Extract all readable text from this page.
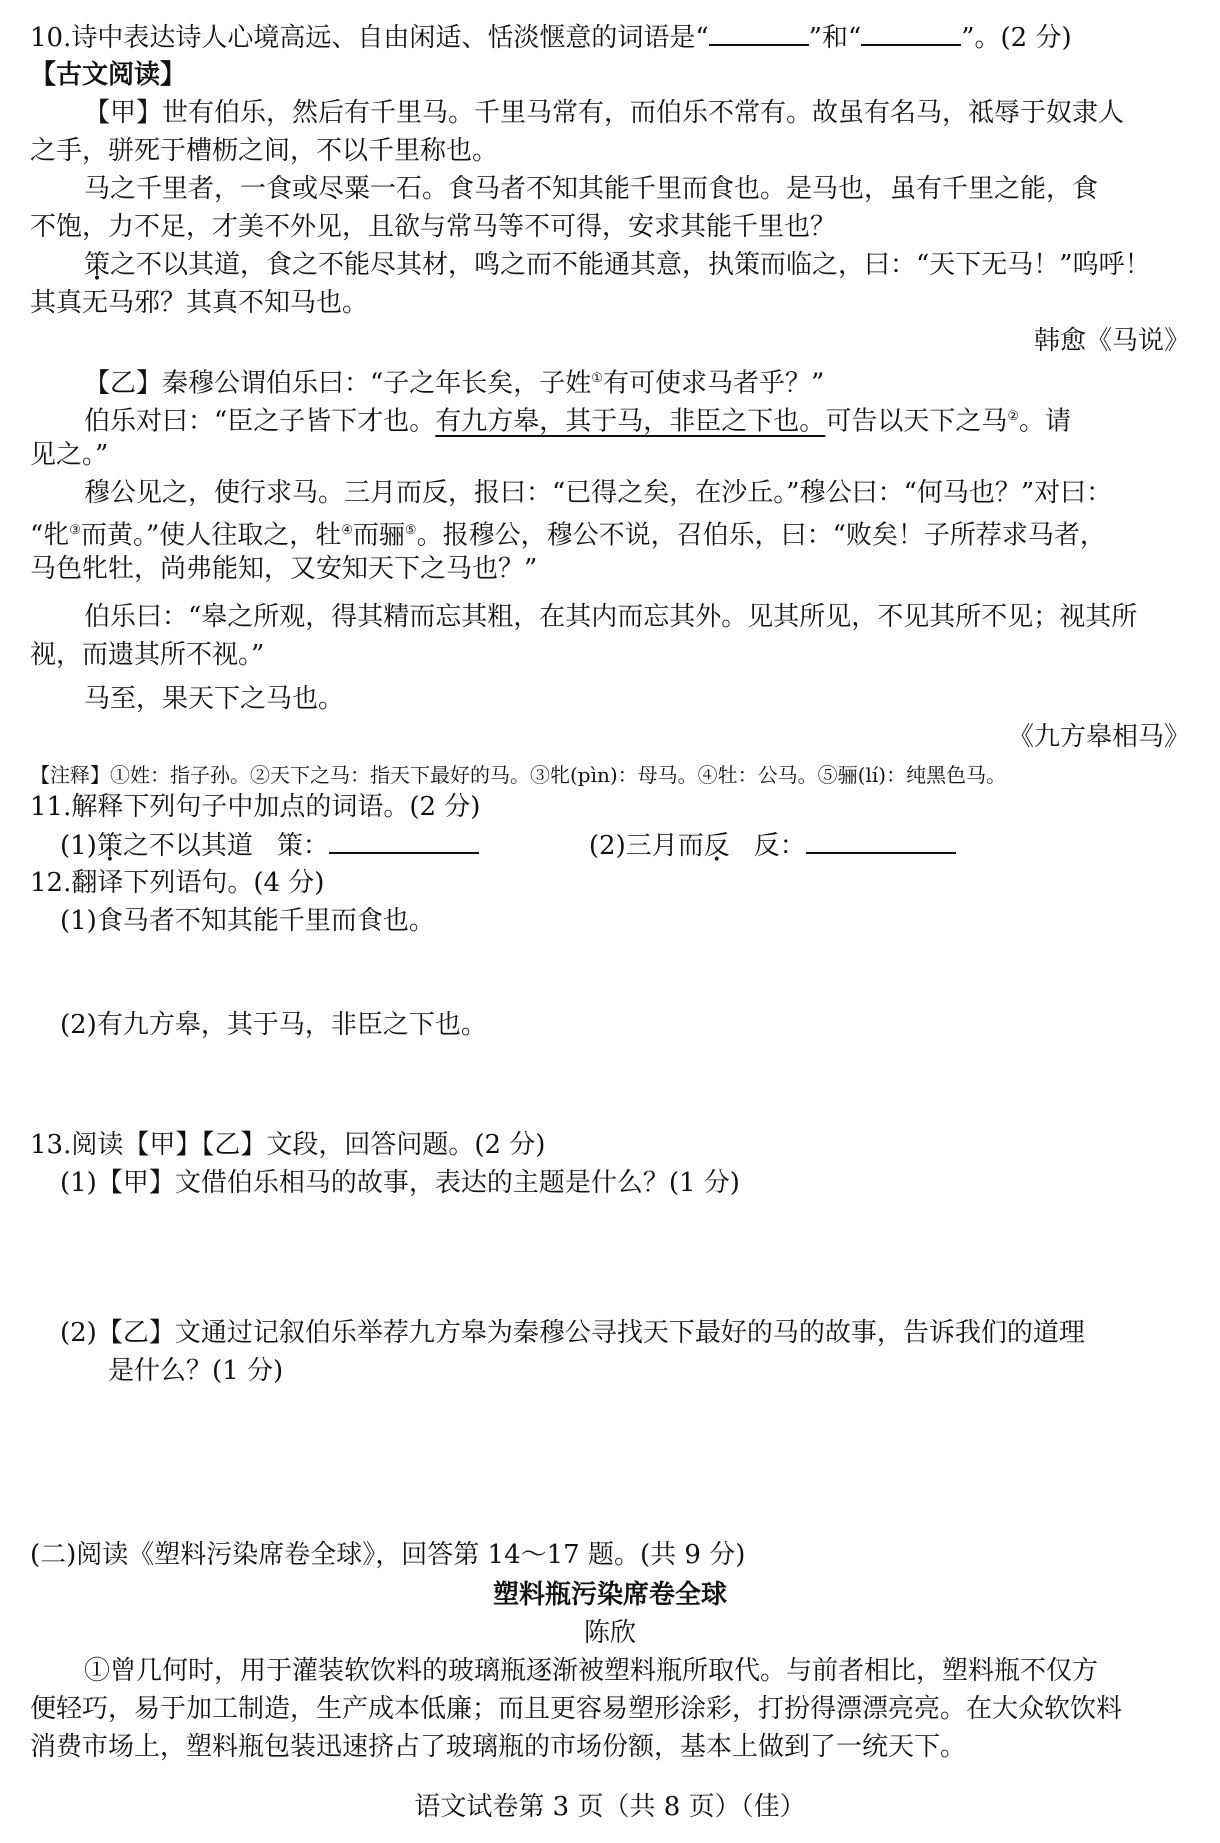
10.诗中表达诗人心境高远、自由闲适、恬淡惬意的词语是“	”和“	”。(2 分)
【古文阅读】
【甲】世有伯乐，然后有千里马。千里马常有，而伯乐不常有。故虽有名马，祗辱于奴隶人
之手，骈死于槽枥之间，不以千里称也。
马之千里者，一食或尽粟一石。食马者不知其能千里而食也。是马也，虽有千里之能，食
不饱，力不足，才美不外见，且欲与常马等不可得，安求其能千里也？
策之不以其道，食之不能尽其材，鸣之而不能通其意，执策而临之，曰：“天下无马！”呜呼！
其真无马邪？其真不知马也。
韩愈《马说》
【乙】秦穆公谓伯乐曰：“子之年长矣，子姓①有可使求马者乎？”
伯乐对曰：“臣之子皆下才也。有九方皋，其于马，非臣之下也。可告以天下之马②。请
见之。”
穆公见之，使行求马。三月而反，报曰：“已得之矣，在沙丘。”穆公曰：“何马也？”对曰：
“牝③而黄。”使人往取之，牡④而骊⑤。报穆公，穆公不说，召伯乐，曰：“败矣！子所荐求马者，
马色牝牡，尚弗能知，又安知天下之马也？”
伯乐曰：“皋之所观，得其精而忘其粗，在其内而忘其外。见其所见，不见其所不见；视其所
视，而遗其所不视。”
马至，果天下之马也。
《九方皋相马》
【注释】①姓：指子孙。②天下之马：指天下最好的马。③牝(pìn)：母马。④牡：公马。⑤骊(lí)：纯黑色马。
11.解释下列句子中加点的词语。(2 分)
(1)策之不以其道 策：	(2)三月而反 反：
12.翻译下列语句。(4 分)
(1)食马者不知其能千里而食也。
(2)有九方皋，其于马，非臣之下也。
13.阅读【甲】【乙】文段，回答问题。(2 分)
(1)【甲】文借伯乐相马的故事，表达的主题是什么？(1 分)
(2)【乙】文通过记叙伯乐举荐九方皋为秦穆公寻找天下最好的马的故事，告诉我们的道理
是什么？(1 分)
(二)阅读《塑料污染席卷全球》，回答第 14～17 题。(共 9 分)
塑料瓶污染席卷全球
陈欣
①曾几何时，用于灌装软饮料的玻璃瓶逐渐被塑料瓶所取代。与前者相比，塑料瓶不仅方
便轻巧，易于加工制造，生产成本低廉；而且更容易塑形涂彩，打扮得漂漂亮亮。在大众软饮料
消费市场上，塑料瓶包装迅速挤占了玻璃瓶的市场份额，基本上做到了一统天下。
语文试卷第 3 页（共 8 页）（佳）
